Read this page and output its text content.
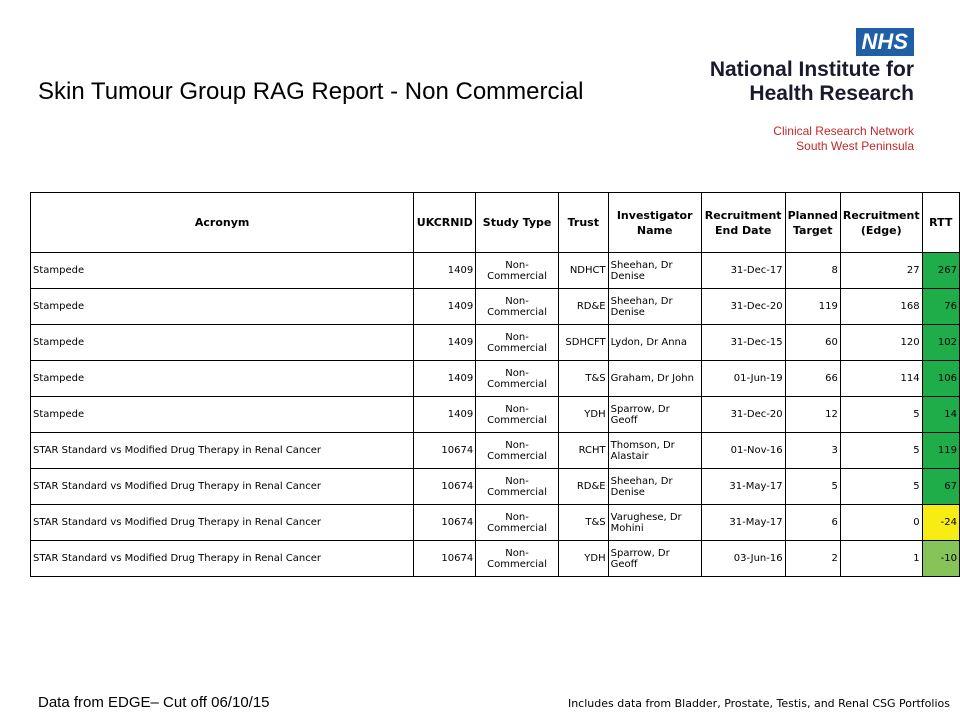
Skin Tumour Group RAG Report - Non Commercial
NHS
National Institute for
Health Research
Clinical Research Network
South West Peninsula
Acronym	UKCRNID	Study Type	Trust	Investigator Name	Recruitment End Date	Planned Target	Recruitment (Edge)	RTT
Stampede	1409	Non-Commercial	NDHCT	Sheehan, Dr Denise	31-Dec-17	8	27	267
Stampede	1409	Non-Commercial	RD&E	Sheehan, Dr Denise	31-Dec-20	119	168	76
Stampede	1409	Non-Commercial	SDHCFT	Lydon, Dr Anna	31-Dec-15	60	120	102
Stampede	1409	Non-Commercial	T&S	Graham, Dr John	01-Jun-19	66	114	106
Stampede	1409	Non-Commercial	YDH	Sparrow, Dr Geoff	31-Dec-20	12	5	14
STAR Standard vs Modified Drug Therapy in Renal Cancer	10674	Non-Commercial	RCHT	Thomson, Dr Alastair	01-Nov-16	3	5	119
STAR Standard vs Modified Drug Therapy in Renal Cancer	10674	Non-Commercial	RD&E	Sheehan, Dr Denise	31-May-17	5	5	67
STAR Standard vs Modified Drug Therapy in Renal Cancer	10674	Non-Commercial	T&S	Varughese, Dr Mohini	31-May-17	6	0	-24
STAR Standard vs Modified Drug Therapy in Renal Cancer	10674	Non-Commercial	YDH	Sparrow, Dr Geoff	03-Jun-16	2	1	-10
Data from EDGE– Cut off 06/10/15	Includes data from Bladder, Prostate, Testis, and Renal CSG Portfolios
